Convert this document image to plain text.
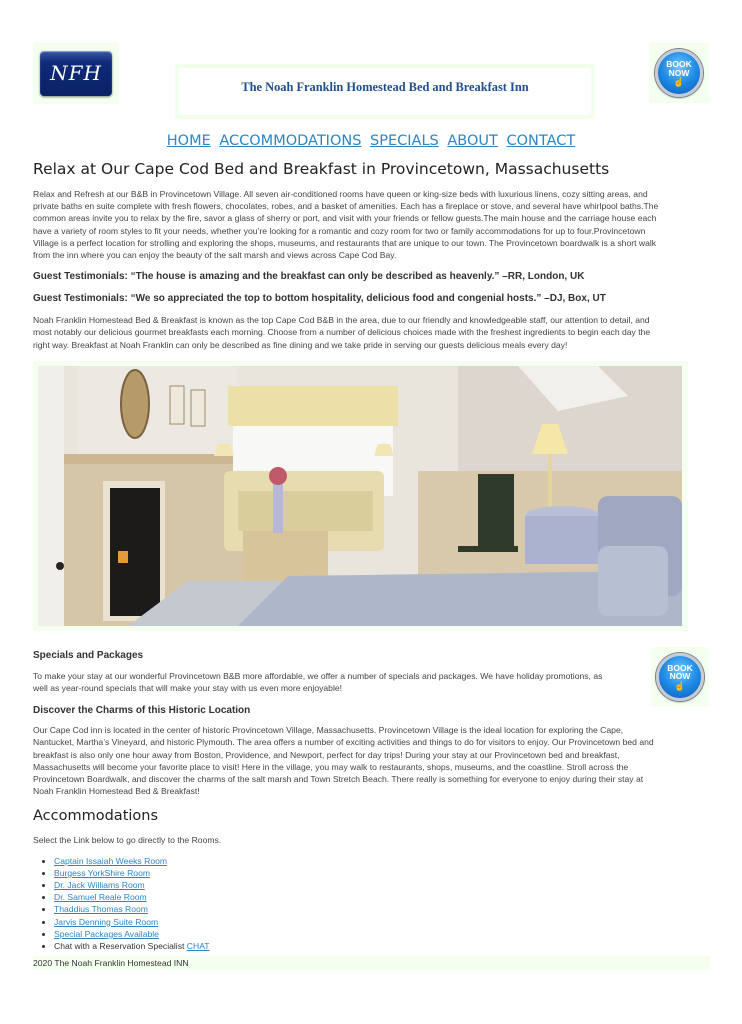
NFH
The Noah Franklin Homestead Bed and Breakfast Inn
BOOK
NOW
☝
HOME ACCOMMODATIONS SPECIALS ABOUT CONTACT
Relax at Our Cape Cod Bed and Breakfast in Provincetown, Massachusetts
Relax and Refresh at our B&B in Provincetown Village. All seven air-conditioned rooms have queen or king-size beds with luxurious linens, cozy sitting areas, and
private baths en suite complete with fresh flowers, chocolates, robes, and a basket of amenities. Each has a fireplace or stove, and several have whirlpool baths.The
common areas invite you to relax by the fire, savor a glass of sherry or port, and visit with your friends or fellow guests.The main house and the carriage house each
have a variety of room styles to fit your needs, whether you’re looking for a romantic and cozy room for two or family accommodations for up to four.Provincetown
Village is a perfect location for strolling and exploring the shops, museums, and restaurants that are unique to our town. The Provincetown boardwalk is a short walk
from the inn where you can enjoy the beauty of the salt marsh and views across Cape Cod Bay.
Guest Testimonials: “The house is amazing and the breakfast can only be described as heavenly.” –RR, London, UK
Guest Testimonials: “We so appreciated the top to bottom hospitality, delicious food and congenial hosts.” –DJ, Box, UT
Noah Franklin Homestead Bed & Breakfast is known as the top Cape Cod B&B in the area, due to our friendly and knowledgeable staff, our attention to detail, and
most notably our delicious gourmet breakfasts each morning. Choose from a number of delicious choices made with the freshest ingredients to begin each day the
right way. Breakfast at Noah Franklin can only be described as fine dining and we take pride in serving our guests delicious meals every day!
Specials and Packages
To make your stay at our wonderful Provincetown B&B more affordable, we offer a number of specials and packages. We have holiday promotions, as
well as year-round specials that will make your stay with us even more enjoyable!
BOOK
NOW
☝
Discover the Charms of this Historic Location
Our Cape Cod inn is located in the center of historic Provincetown Village, Massachusetts. Provincetown Village is the ideal location for exploring the Cape,
Nantucket, Martha’s Vineyard, and historic Plymouth. The area offers a number of exciting activities and things to do for visitors to enjoy. Our Provincetown bed and
breakfast is also only one hour away from Boston, Providence, and Newport, perfect for day trips! During your stay at our Provincetown bed and breakfast,
Massachusetts will become your favorite place to visit! Here in the village, you may walk to restaurants, shops, museums, and the coastline. Stroll across the
Provincetown Boardwalk, and discover the charms of the salt marsh and Town Stretch Beach. There really is something for everyone to enjoy during their stay at
Noah Franklin Homestead Bed & Breakfast!
Accommodations
Select the Link below to go directly to the Rooms.
• Captain Issaiah Weeks Room
• Burgess YorkShire Room
• Dr. Jack Williams Room
• Dr. Samuel Reale Room
• Thaddius Thomas Room
• Jarvis Denning Suite Room
• Special Packages Available
• Chat with a Reservation Specialist CHAT
2020 The Noah Franklin Homestead INN
